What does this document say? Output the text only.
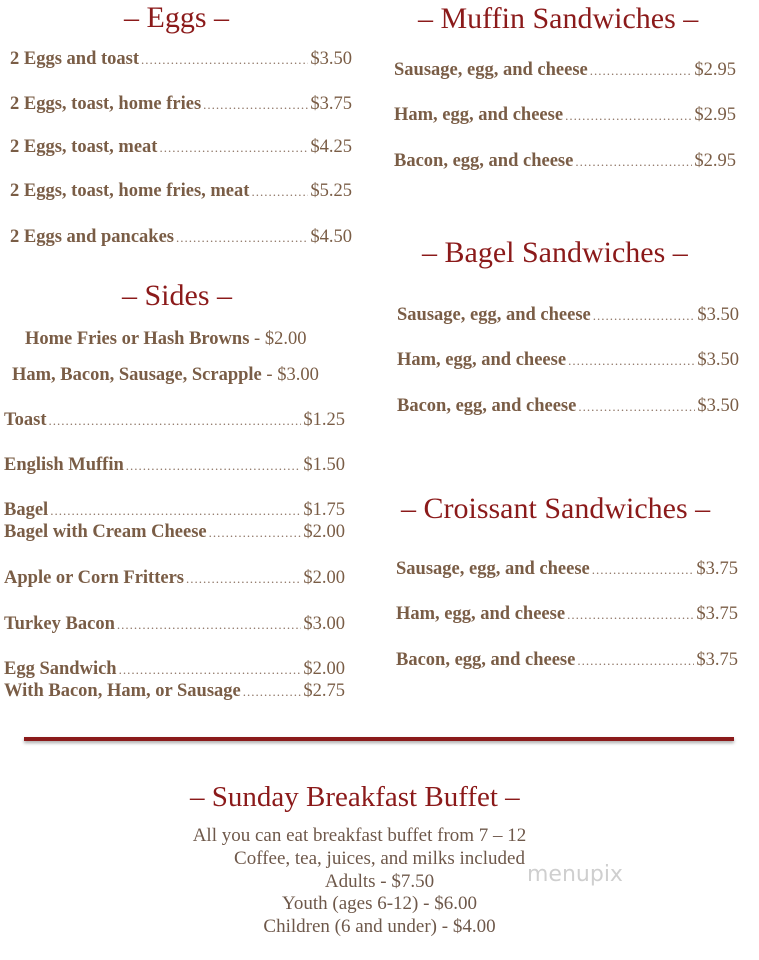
– Eggs –
2 Eggs and toast .....	$3.50
2 Eggs, toast, home fries .....	$3.75
2 Eggs, toast, meat .....	$4.25
2 Eggs, toast, home fries, meat .....	$5.25
2 Eggs and pancakes .....	$4.50
– Sides –
Home Fries or Hash Browns - $2.00
Ham, Bacon, Sausage, Scrapple - $3.00
Toast .....	$1.25
English Muffin .....	$1.50
Bagel .....	$1.75
Bagel with Cream Cheese .....	$2.00
Apple or Corn Fritters .....	$2.00
Turkey Bacon .....	$3.00
Egg Sandwich .....	$2.00
With Bacon, Ham, or Sausage .....	$2.75
– Muffin Sandwiches –
Sausage, egg, and cheese .....	$2.95
Ham, egg, and cheese .....	$2.95
Bacon, egg, and cheese .....	$2.95
– Bagel Sandwiches –
Sausage, egg, and cheese .....	$3.50
Ham, egg, and cheese .....	$3.50
Bacon, egg, and cheese .....	$3.50
– Croissant Sandwiches –
Sausage, egg, and cheese .....	$3.75
Ham, egg, and cheese .....	$3.75
Bacon, egg, and cheese .....	$3.75
– Sunday Breakfast Buffet –
All you can eat breakfast buffet from 7 – 12
Coffee, tea, juices, and milks included
Adults - $7.50
Youth (ages 6-12) - $6.00
Children (6 and under) - $4.00
menupix
